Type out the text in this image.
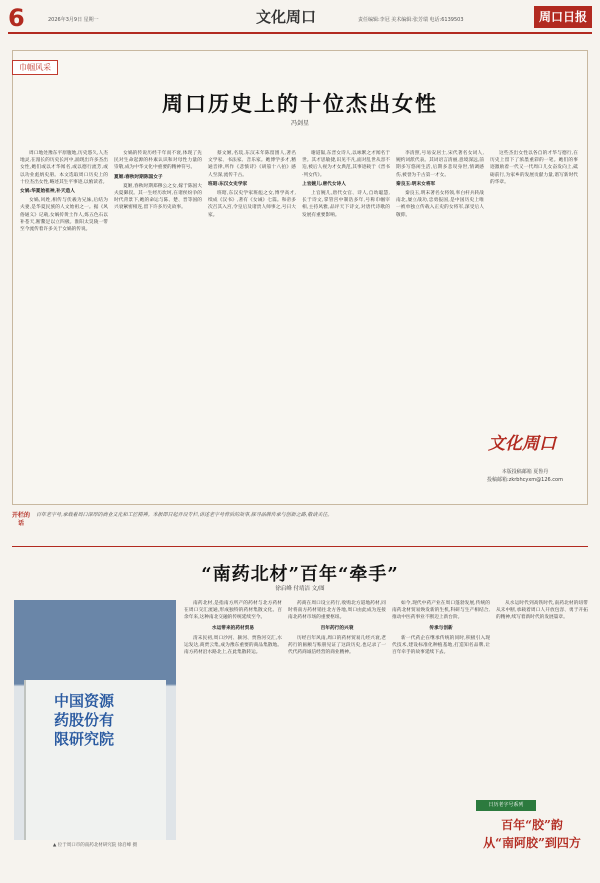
6	2026年3月9日 星期一	文化周口	责任编辑:李冠 美术编辑:张芳瑞 电话:6139503	周口日报
巾帼风采
周口历史上的十位杰出女性
冯剑星

周口地处豫东平原腹地,历史悠久,人杰地灵,在漫长的历史长河中,涌现出许多杰出女性,她们或以才华闻名,或以德行流芳,或以功业彪炳史册。本文选取周口历史上的十位杰出女性,略述其生平事迹,以飨读者。

女娲:华夏始祖神,补天造人

女娲,风姓,相传与伏羲为兄妹,后结为夫妻,是华夏民族的人文始祖之一。据《风俗通义》记载,女娲抟黄土作人,炼五色石以补苍天,断鳌足以立四极。淮阳太昊陵一带至今流传着许多关于女娲的传说。

女娲的传说历经千年而不衰,体现了先民对生命起源的朴素认识和对母性力量的崇敬,成为中华文化中重要的精神符号。

夏姬:春秋时期陈国女子

夏姬,春秋时期郑穆公之女,嫁于陈国大夫夏御叔。其一生经历坎坷,在诸侯纷争的时代背景下,她的命运与陈、楚、晋等国的兴衰紧密相连,留下许多历史故事。

蔡文姬,名琰,东汉末年陈留圉人,著名文学家、书法家、音乐家。她博学多才,精通音律,所作《悲愤诗》《胡笳十八拍》感人至深,流传千古。

班昭:东汉女史学家

班昭,东汉史学家班彪之女,博学高才,续成《汉书》,著有《女诫》七篇。和帝多次召其入宫,令皇后及诸贵人师事之,号曰大家。

谢道韫,东晋女诗人,以咏絮之才闻名于世。其才思敏捷,识见不凡,面对乱世从容不迫,被后人视为才女典范,其事迹载于《晋书·列女传》。

上官婉儿:唐代女诗人

上官婉儿,唐代女官、诗人,自幼聪慧,长于诗文,掌管宫中制诰多年,号称巾帼宰相,主持风雅,品评天下诗文,对唐代诗歌的发展有重要影响。

李清照,号易安居士,宋代著名女词人,婉约词派代表。其词语言清丽,意境深远,前期多写悠闲生活,后期多悲叹身世,情调感伤,被誉为千古第一才女。

秦良玉:明末女将军

秦良玉,明末著名女将领,率白杆兵转战南北,屡立战功,忠勇报国,是中国历史上唯一被单独立传载入正史的女将军,深受后人敬仰。

这些杰出女性以各自的才华与德行,在历史上留下了浓墨重彩的一笔。她们的事迹激励着一代又一代周口儿女奋发向上,砥砺前行,为家乡的发展贡献力量,谱写新时代的华章。

文化周口
本版投稿邮箱 夏鲁丹
投稿邮箱:zkrbhcyxm@126.com
开栏的话
百年老字号,承载着周口深厚的商业文化和工匠精神。本报即日起开设专栏,讲述老字号背后的故事,探寻品牌传承与创新之路,敬请关注。
“南药北材”百年“牵手”
徐启峰 付靖洁 文/图
中国资源药股份有限研究院
▲ 位于周口市的南药北材研究院 徐启峰 摄

南药北材,是指南方所产的药材与北方药材在周口交汇流通,形成独特的药材集散文化。百余年来,这种南北交融的传统延续至今。

水运带来的药材贸易

清末民初,周口沙河、颍河、贾鲁河交汇,水运发达,商贾云集,成为豫东重要的商品集散地。南方药材沿水路北上,在此集散转运。

药商在周口设立药行,收购北方道地药材,同时将南方药材销往北方各地,周口由此成为连接南北药材市场的重要枢纽。

百年药行的兴衰

历经百年风雨,周口的药材贸易几经兴衰,老药行的匾额与账册见证了这段历史,也记录了一代代药商诚信经营的商业精神。

如今,现代中药产业在周口蓬勃发展,传统的南药北材贸易焕发新的生机,科研与生产相结合,推动中医药事业不断迈上新台阶。

传承与创新

新一代药企在继承传统的同时,积极引入现代技术,建设标准化种植基地,打造知名品牌,让百年牵手的故事延续下去。

从水运时代到高铁时代,南药北材的纽带从未中断,承载着周口人开放包容、勇于开拓的精神,续写着新时代的发展篇章。

日历老字号系列
百年“胶”韵
从“南阿胶”到四方
